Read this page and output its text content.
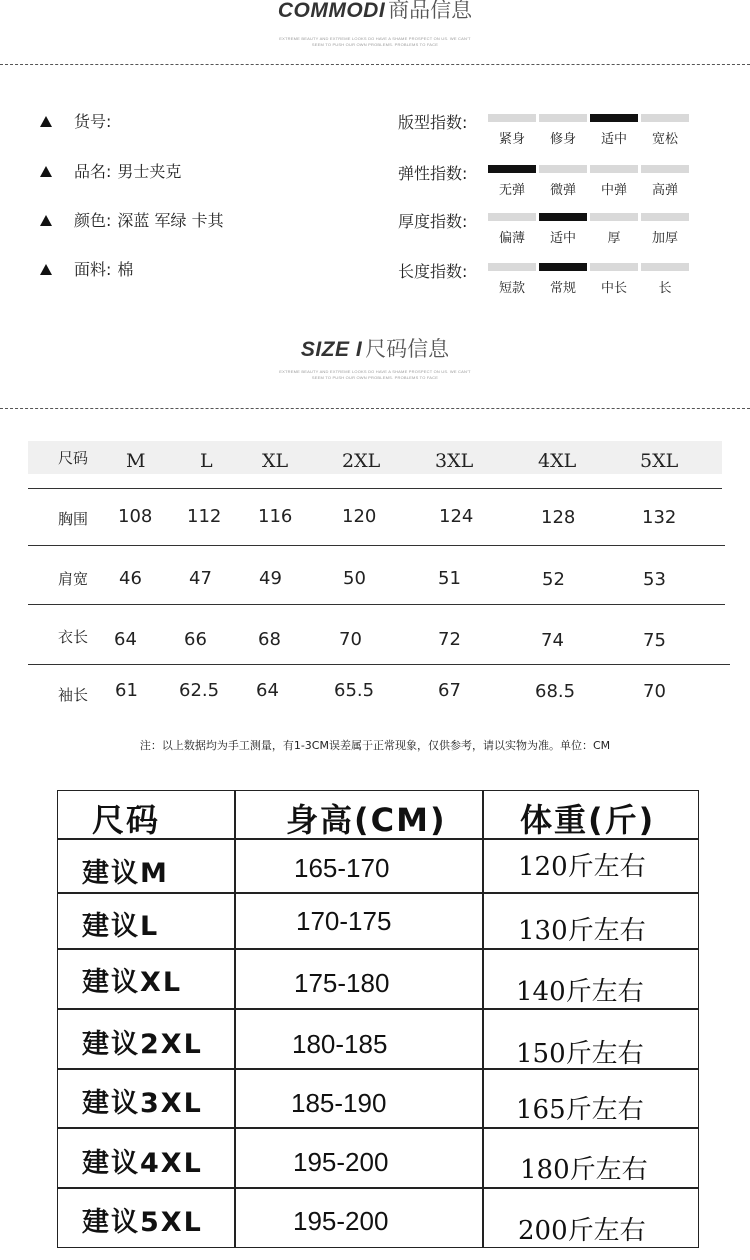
COMMODI 商品信息
EXTREME BEAUTY AND EXTREME LOOKS DO HAVE A SHAME PROSPECT ON US. WE CAN'T
SEEM TO PUSH OUR OWN PROBLEMS. PROBLEMS TO FACE
货号:
品名: 男士夹克
颜色: 深蓝 军绿 卡其
面料: 棉
版型指数:
紧身	修身	适中	宽松
弹性指数:
无弹	微弹	中弹	高弹
厚度指数:
偏薄	适中	厚	加厚
长度指数:
短款	常规	中长	长
SIZE I 尺码信息
EXTREME BEAUTY AND EXTREME LOOKS DO HAVE A SHAME PROSPECT ON US. WE CAN'T
SEEM TO PUSH OUR OWN PROBLEMS. PROBLEMS TO FACE
尺码 M	L	XL	2XL	3XL	4XL	5XL
胸围 108 112 116	120	124	128	132
肩宽 46	47	49	50	51	52	53
衣长 64	66	68	70	72	74	75
袖长 61 62.5 64	65.5	67	68.5	70
注：以上数据均为手工测量，有1-3CM误差属于正常现象，仅供参考，请以实物为准。单位：CM
尺码	身高(CM) 体重(斤)
建议M	165-170	120斤左右
建议L	170-175	130斤左右
建议XL	175-180	140斤左右
建议2XL	180-185	150斤左右
建议3XL	185-190	165斤左右
建议4XL	195-200	180斤左右
建议5XL	195-200	200斤左右
